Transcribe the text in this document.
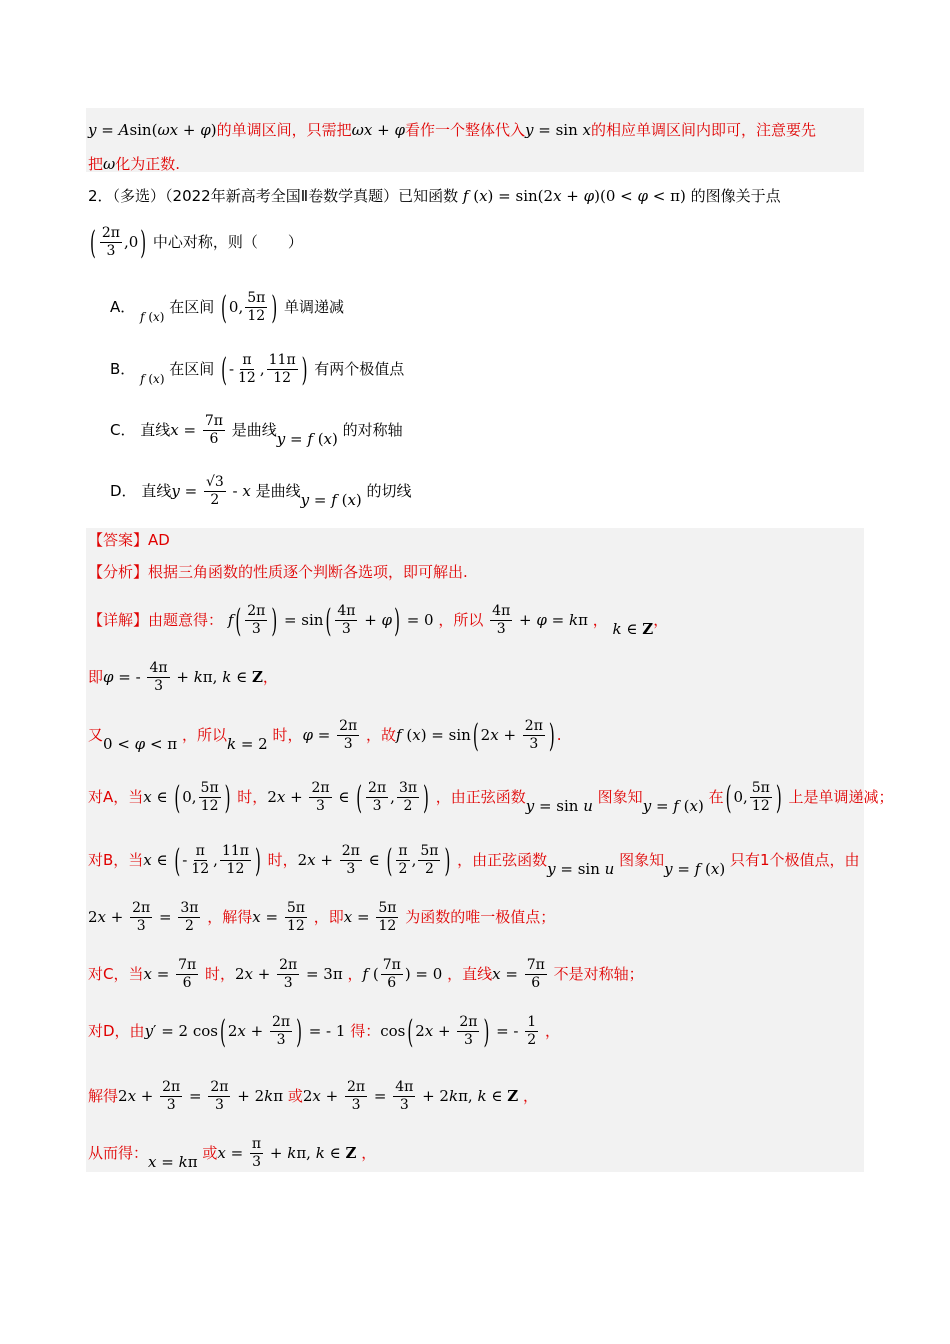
y = Asin(ωx + φ)的单调区间，只需把ωx + φ看作一个整体代入y = sin x的相应单调区间内即可，注意要先
把ω化为正数.
2．（多选）（2022年新高考全国Ⅱ卷数学真题）已知函数 f (x) = sin(2x + φ)(0 < φ < π) 的图像关于点
( $\frac{2\pi}{3} ,0$ ) 中心对称，则（　　）
A． $_{f (x)}$ 在区间 ( 0, $\frac{5\pi}{12}$ ) 单调递减
B． $_{f (x)}$ 在区间 ( - $\frac{\pi}{12}$ , $\frac{11\pi}{12}$ ) 有两个极值点
C． 直线$x = \frac{7\pi}{6}$ 是曲线y = f (x) 的对称轴
D． 直线$y = \frac{√3}{2} - x$ 是曲线y = f (x) 的切线
【答案】AD
【分析】根据三角函数的性质逐个判断各选项，即可解出.
【详解】由题意得： f ( $\frac{2\pi}{3}$ ) = sin ( $\frac{4\pi}{3} + \varphi$ ) = 0 ，所以 $\frac{4\pi}{3} + \varphi = k\pi$ ， k ∈ Z，
即φ = - $\frac{4\pi}{3} + k\pi$, k ∈ Z，
又0 < φ < π ，所以k = 2 时，$\varphi = \frac{2\pi}{3}$ ，故f (x) = sin ( $2x + \frac{2\pi}{3}$ ) .
对A，当x ∈ ( 0, $\frac{5\pi}{12}$ ) 时，$2x + \frac{2\pi}{3}$ ∈ ( $\frac{2\pi}{3}$ , $\frac{3\pi}{2}$ ) ，由正弦函数y = sin u 图象知y = f (x) 在 ( 0, $\frac{5\pi}{12}$ ) 上是单调递减；
对B，当x ∈ ( - $\frac{\pi}{12}$ , $\frac{11\pi}{12}$ ) 时，$2x + \frac{2\pi}{3}$ ∈ ( $\frac{\pi}{2}$ , $\frac{5\pi}{2}$ ) ，由正弦函数y = sin u 图象知y = f (x) 只有1个极值点，由
$2x + \frac{2\pi}{3} = \frac{3\pi}{2}$ ，解得$x = \frac{5\pi}{12}$ ，即$x = \frac{5\pi}{12}$ 为函数的唯一极值点；
对C，当$x = \frac{7\pi}{6}$ 时，$2x + \frac{2\pi}{3} = 3\pi$ ，f ( $\frac{7\pi}{6}$ ) = 0 ，直线$x = \frac{7\pi}{6}$ 不是对称轴；
对D，由y′ = 2 cos ( $2x + \frac{2\pi}{3}$ ) = - 1 得：cos ( $2x + \frac{2\pi}{3}$ ) = - $\frac{1}{2}$ ，
解得$2x + \frac{2\pi}{3} = \frac{2\pi}{3} + 2k\pi$ 或$2x + \frac{2\pi}{3} = \frac{4\pi}{3} + 2k\pi$, k ∈ Z ，
从而得：x = kπ 或$x = \frac{\pi}{3} + k\pi$, k ∈ Z ，
